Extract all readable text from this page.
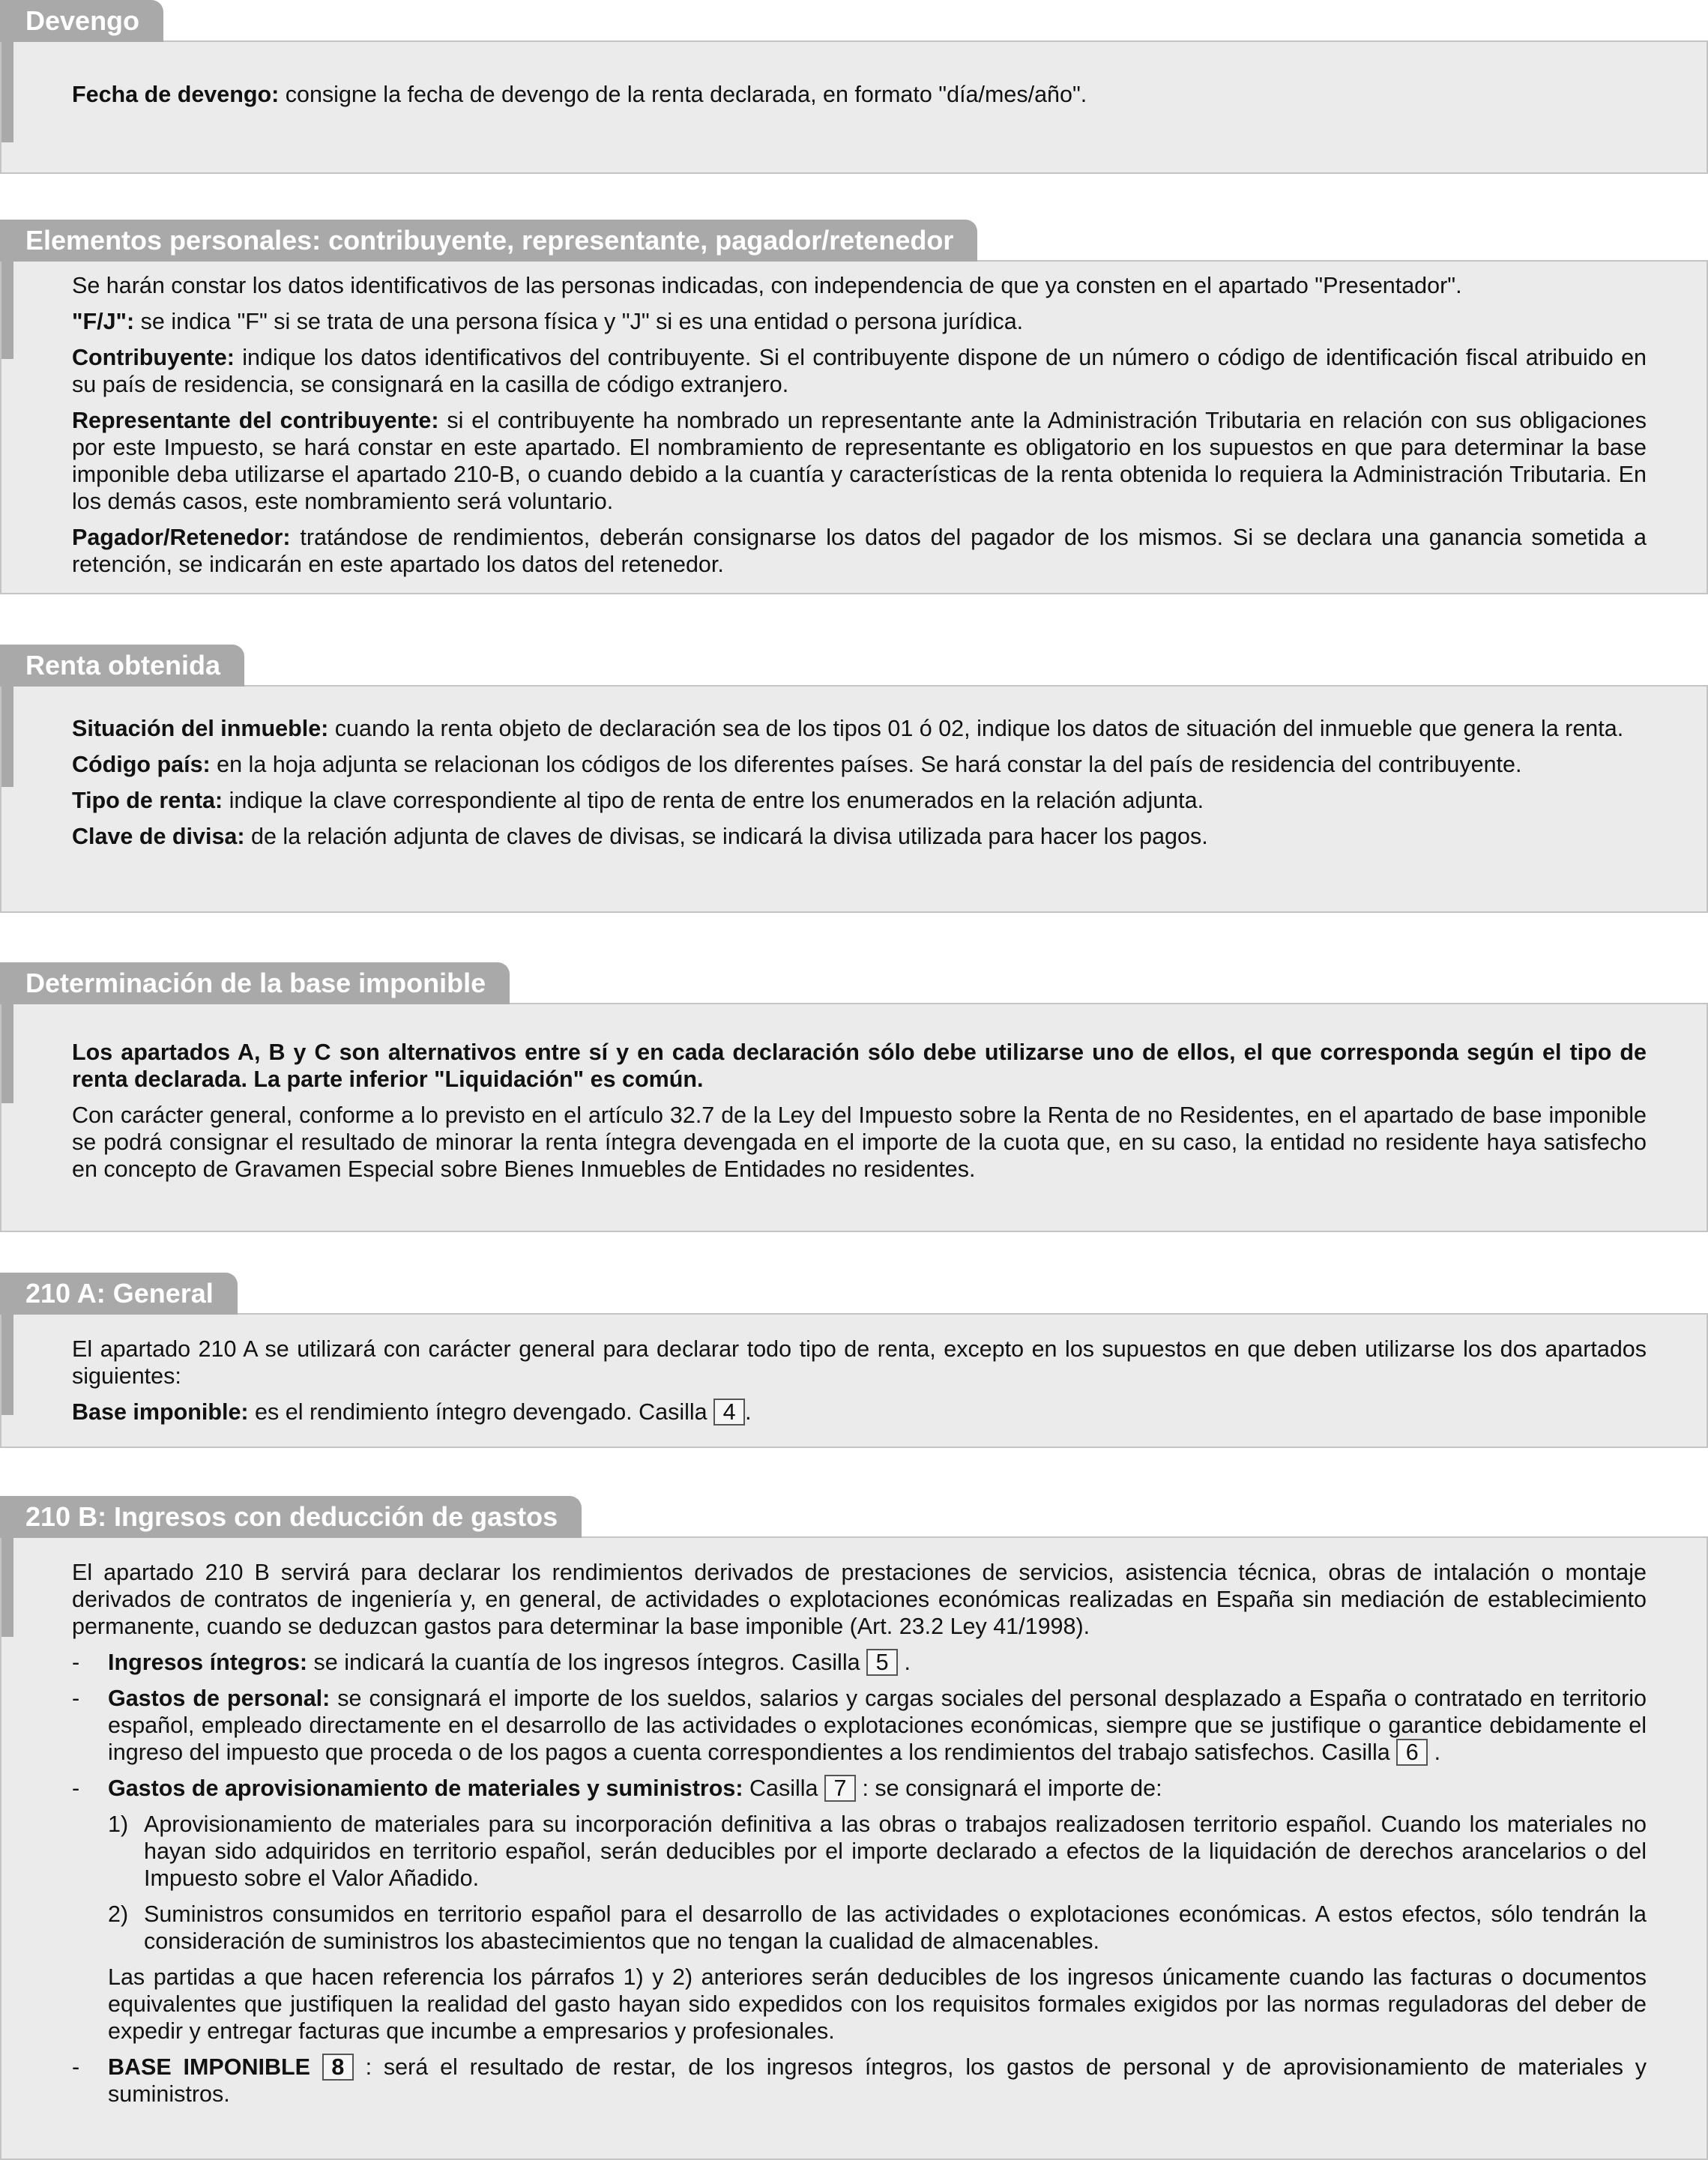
Fecha de devengo: consigne la fecha de devengo de la renta declarada, en formato "día/mes/año".

Devengo

Se harán constar los datos identificativos de las personas indicadas, con independencia de que ya consten en el apartado "Presentador".

"F/J": se indica "F" si se trata de una persona física y "J" si es una entidad o persona jurídica.

Contribuyente: indique los datos identificativos del contribuyente. Si el contribuyente dispone de un número o código de identificación fiscal atribuido en su país de residencia, se consignará en la casilla de código extranjero.

Representante del contribuyente: si el contribuyente ha nombrado un representante ante la Administración Tributaria en relación con sus obligaciones por este Impuesto, se hará constar en este apartado. El nombramiento de representante es obligatorio en los supuestos en que para determinar la base imponible deba utilizarse el apartado 210-B, o cuando debido a la cuantía y características de la renta obtenida lo requiera la Administración Tributaria. En los demás casos, este nombramiento será voluntario.

Pagador/Retenedor: tratándose de rendimientos, deberán consignarse los datos del pagador de los mismos. Si se declara una ganancia sometida a retención, se indicarán en este apartado los datos del retenedor.

Elementos personales: contribuyente, representante, pagador/retenedor

Situación del inmueble: cuando la renta objeto de declaración sea de los tipos 01 ó 02, indique los datos de situación del inmueble que genera la renta.

Código país: en la hoja adjunta se relacionan los códigos de los diferentes países. Se hará constar la del país de residencia del contribuyente.

Tipo de renta: indique la clave correspondiente al tipo de renta de entre los enumerados en la relación adjunta.

Clave de divisa: de la relación adjunta de claves de divisas, se indicará la divisa utilizada para hacer los pagos.

Renta obtenida

Los apartados A, B y C son alternativos entre sí y en cada declaración sólo debe utilizarse uno de ellos, el que corresponda según el tipo de renta declarada. La parte inferior "Liquidación" es común.

Con carácter general, conforme a lo previsto en el artículo 32.7 de la Ley del Impuesto sobre la Renta de no Residentes, en el apartado de base imponible se podrá consignar el resultado de minorar la renta íntegra devengada en el importe de la cuota que, en su caso, la entidad no residente haya satisfecho en concepto de Gravamen Especial sobre Bienes Inmuebles de Entidades no residentes.

Determinación de la base imponible

El apartado 210 A se utilizará con carácter general para declarar todo tipo de renta, excepto en los supuestos en que deben utilizarse los dos apartados siguientes:

Base imponible: es el rendimiento íntegro devengado. Casilla 4 .

210 A: General

El apartado 210 B servirá para declarar los rendimientos derivados de prestaciones de servicios, asistencia técnica, obras de intalación o montaje derivados de contratos de ingeniería y, en general, de actividades o explotaciones económicas realizadas en España sin mediación de establecimiento permanente, cuando se deduzcan gastos para determinar la base imponible (Art. 23.2 Ley 41/1998).

- Ingresos íntegros: se indicará la cuantía de los ingresos íntegros. Casilla 5 .
- Gastos de personal: se consignará el importe de los sueldos, salarios y cargas sociales del personal desplazado a España o contratado en territorio español, empleado directamente en el desarrollo de las actividades o explotaciones económicas, siempre que se justifique o garantice debidamente el ingreso del impuesto que proceda o de los pagos a cuenta correspondientes a los rendimientos del trabajo satisfechos. Casilla 6 .
- Gastos de aprovisionamiento de materiales y suministros: Casilla 7 : se consignará el importe de:
1) Aprovisionamiento de materiales para su incorporación definitiva a las obras o trabajos realizadosen territorio español. Cuando los materiales no hayan sido adquiridos en territorio español, serán deducibles por el importe declarado a efectos de la liquidación de derechos arancelarios o del Impuesto sobre el Valor Añadido.
2) Suministros consumidos en territorio español para el desarrollo de las actividades o explotaciones económicas. A estos efectos, sólo tendrán la consideración de suministros los abastecimientos que no tengan la cualidad de almacenables.

Las partidas a que hacen referencia los párrafos 1) y 2) anteriores serán deducibles de los ingresos únicamente cuando las facturas o documentos equivalentes que justifiquen la realidad del gasto hayan sido expedidos con los requisitos formales exigidos por las normas reguladoras del deber de expedir y entregar facturas que incumbe a empresarios y profesionales.

- BASE IMPONIBLE 8 : será el resultado de restar, de los ingresos íntegros, los gastos de personal y de aprovisionamiento de materiales y suministros.
210 B: Ingresos con deducción de gastos
